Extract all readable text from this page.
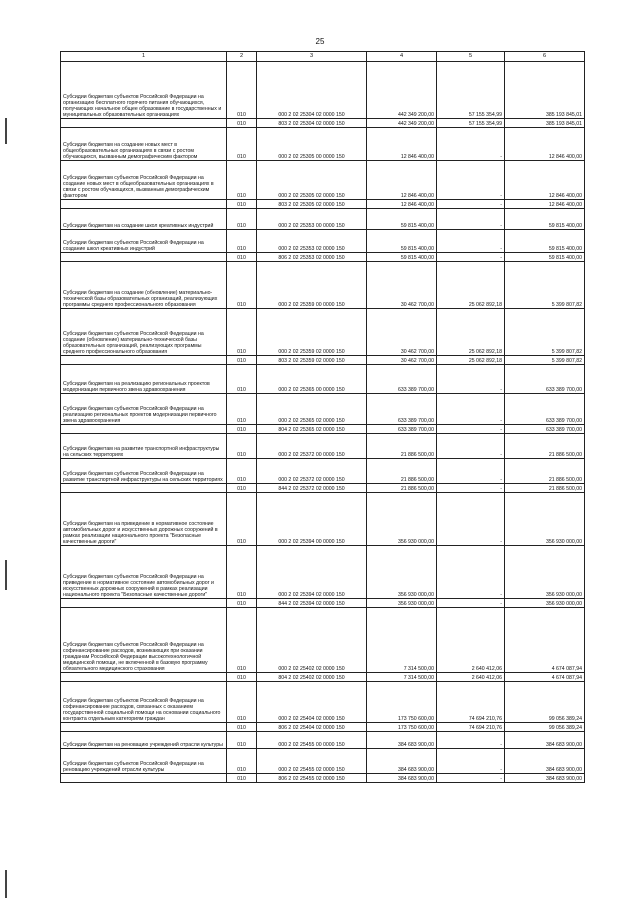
25
1	2	3	4	5	6
Субсидии бюджетам субъектов Российской Федерации на организацию бесплатного горячего питания обучающихся, получающих начальное общее образование в государственных и муниципальных образовательных организациях	010	000 2 02 25304 02 0000 150	442 349 200,00	57 155 354,99	385 193 845,01
	010	803 2 02 25304 02 0000 150	442 349 200,00	57 155 354,99	385 193 845,01
Субсидии бюджетам на создание новых мест в общеобразовательных организациях в связи с ростом обучающихся, вызванным демографическим фактором	010	000 2 02 25305 00 0000 150	12 846 400,00	-	12 846 400,00
Субсидии бюджетам субъектов Российской Федерации на создание новых мест в общеобразовательных организациях в связи с ростом обучающихся, вызванным демографическим фактором	010	000 2 02 25305 02 0000 150	12 846 400,00	-	12 846 400,00
	010	803 2 02 25305 02 0000 150	12 846 400,00	-	12 846 400,00
Субсидии бюджетам на создание школ креативных индустрий	010	000 2 02 25353 00 0000 150	59 815 400,00	-	59 815 400,00
Субсидии бюджетам субъектов Российской Федерации на создание школ креативных индустрий	010	000 2 02 25353 02 0000 150	59 815 400,00	-	59 815 400,00
	010	806 2 02 25353 02 0000 150	59 815 400,00	-	59 815 400,00
Субсидии бюджетам на создание (обновление) материально-технической базы образовательных организаций, реализующих программы среднего профессионального образования	010	000 2 02 25359 00 0000 150	30 462 700,00	25 062 892,18	5 399 807,82
Субсидии бюджетам субъектов Российской Федерации на создание (обновление) материально-технической базы образовательных организаций, реализующих программы среднего профессионального образования	010	000 2 02 25359 02 0000 150	30 462 700,00	25 062 892,18	5 399 807,82
	010	803 2 02 25359 02 0000 150	30 462 700,00	25 062 892,18	5 399 807,82
Субсидии бюджетам на реализацию региональных проектов модернизации первичного звена здравоохранения	010	000 2 02 25365 00 0000 150	633 389 700,00	-	633 389 700,00
Субсидии бюджетам субъектов Российской Федерации на реализацию региональных проектов модернизации первичного звена здравоохранения	010	000 2 02 25365 02 0000 150	633 389 700,00	-	633 389 700,00
	010	804 2 02 25365 02 0000 150	633 389 700,00	-	633 389 700,00
Субсидии бюджетам на развитие транспортной инфраструктуры на сельских территориях	010	000 2 02 25372 00 0000 150	21 886 500,00	-	21 886 500,00
Субсидии бюджетам субъектов Российской Федерации на развитие транспортной инфраструктуры на сельских территориях	010	000 2 02 25372 02 0000 150	21 886 500,00	-	21 886 500,00
	010	844 2 02 25372 02 0000 150	21 886 500,00	-	21 886 500,00
Субсидии бюджетам на приведение в нормативное состояние автомобильных дорог и искусственных дорожных сооружений в рамках реализации национального проекта "Безопасные качественные дороги"	010	000 2 02 25394 00 0000 150	356 930 000,00	-	356 930 000,00
Субсидии бюджетам субъектов Российской Федерации на приведение в нормативное состояние автомобильных дорог и искусственных дорожных сооружений в рамках реализации национального проекта "Безопасные качественные дороги"	010	000 2 02 25394 02 0000 150	356 930 000,00	-	356 930 000,00
	010	844 2 02 25394 02 0000 150	356 930 000,00	-	356 930 000,00
Субсидии бюджетам субъектов Российской Федерации на софинансирование расходов, возникающих при оказании гражданам Российской Федерации высокотехнологичной медицинской помощи, не включенной в базовую программу обязательного медицинского страхования	010	000 2 02 25402 02 0000 150	7 314 500,00	2 640 412,06	4 674 087,94
	010	804 2 02 25402 02 0000 150	7 314 500,00	2 640 412,06	4 674 087,94
Субсидии бюджетам субъектов Российской Федерации на софинансирование расходов, связанных с оказанием государственной социальной помощи на основании социального контракта отдельным категориям граждан	010	000 2 02 25404 02 0000 150	173 750 600,00	74 694 210,76	99 056 389,24
	010	806 2 02 25404 02 0000 150	173 750 600,00	74 694 210,76	99 056 389,24
Субсидии бюджетам на реновацию учреждений отрасли культуры	010	000 2 02 25455 00 0000 150	384 683 900,00	-	384 683 900,00
Субсидии бюджетам субъектов Российской Федерации на реновацию учреждений отрасли культуры	010	000 2 02 25455 02 0000 150	384 683 900,00	-	384 683 900,00
	010	806 2 02 25455 02 0000 150	384 683 900,00	-	384 683 900,00
